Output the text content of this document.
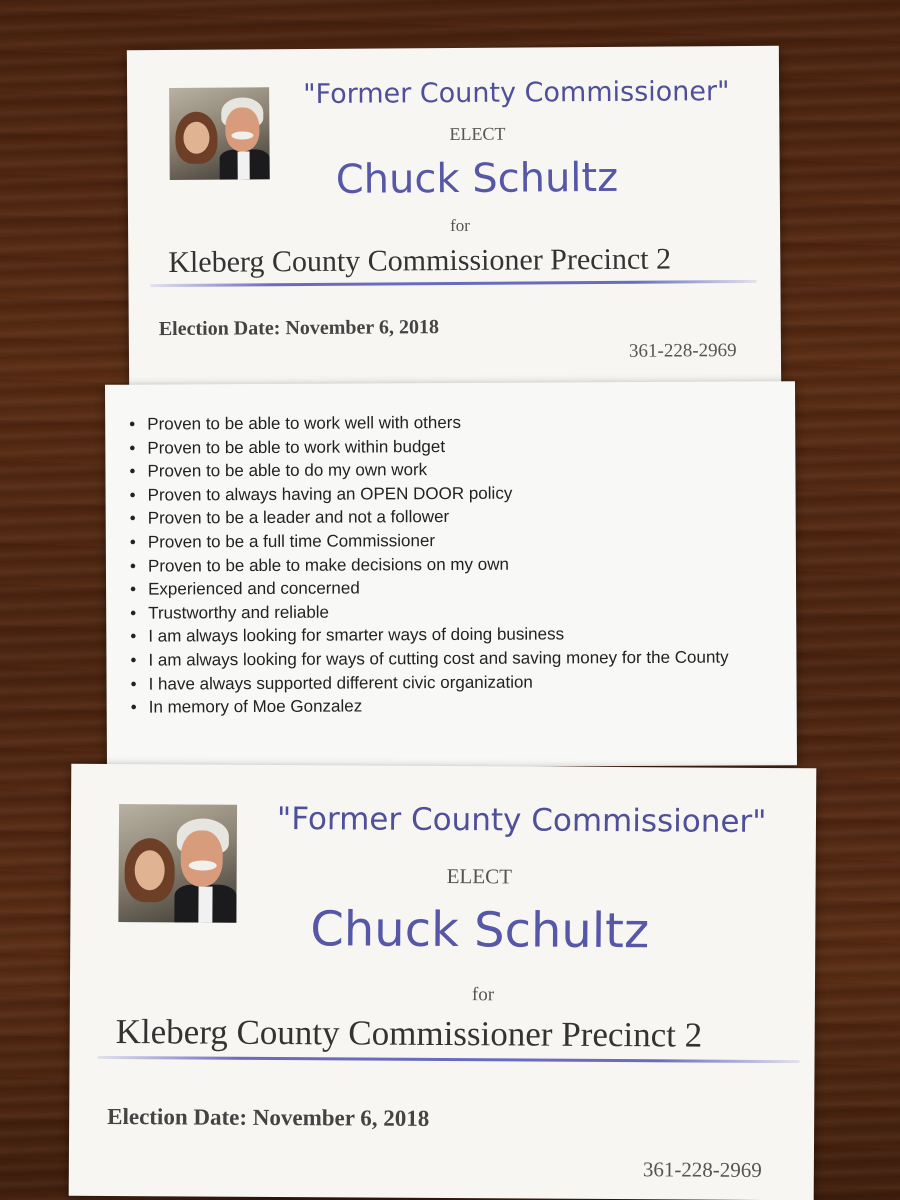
"Former County Commissioner"
ELECT
Chuck Schultz
for
Kleberg County Commissioner Precinct 2
Election Date: November 6, 2018
361-228-2969
• Proven to be able to work well with others
• Proven to be able to work within budget
• Proven to be able to do my own work
• Proven to always having an OPEN DOOR policy
• Proven to be a leader and not a follower
• Proven to be a full time Commissioner
• Proven to be able to make decisions on my own
• Experienced and concerned
• Trustworthy and reliable
• I am always looking for smarter ways of doing business
• I am always looking for ways of cutting cost and saving money for the County
• I have always supported different civic organization
• In memory of Moe Gonzalez
"Former County Commissioner"
ELECT
Chuck Schultz
for
Kleberg County Commissioner Precinct 2
Election Date: November 6, 2018
361-228-2969
